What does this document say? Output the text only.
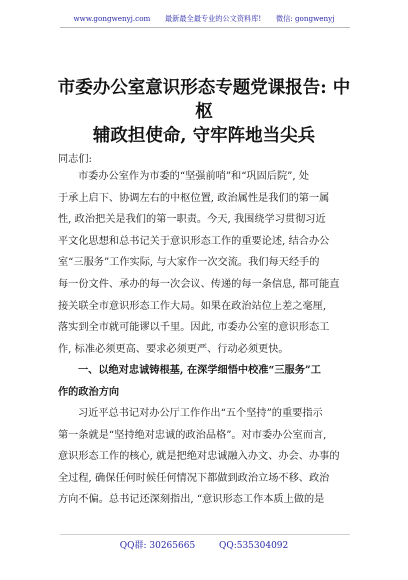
www.gongwenyj.com 最新最全最专业的公文资料库! 微信: gongwenyj
市委办公室意识形态专题党课报告: 中枢
辅政担使命, 守牢阵地当尖兵
同志们:
市委办公室作为市委的“坚强前哨”和“巩固后院”, 处
于承上启下、协调左右的中枢位置, 政治属性是我们的第一属
性, 政治把关是我们的第一职责。今天, 我围绕学习贯彻习近
平文化思想和总书记关于意识形态工作的重要论述, 结合办公
室“三服务”工作实际, 与大家作一次交流。我们每天经手的
每一份文件、承办的每一次会议、传递的每一条信息, 都可能直
接关联全市意识形态工作大局。如果在政治站位上差之毫厘,
落实到全市就可能谬以千里。因此, 市委办公室的意识形态工
作, 标准必须更高、要求必须更严、行动必须更快。
一、以绝对忠诚铸根基, 在深学细悟中校准“三服务”工
作的政治方向
习近平总书记对办公厅工作作出“五个坚持”的重要指示
第一条就是“坚持绝对忠诚的政治品格”。对市委办公室而言,
意识形态工作的核心, 就是把绝对忠诚融入办文、办会、办事的
全过程, 确保任何时候任何情况下都做到政治立场不移、政治
方向不偏。总书记还深刻指出, “意识形态工作本质上做的是
QQ群: 30265665	QQ:535304092
